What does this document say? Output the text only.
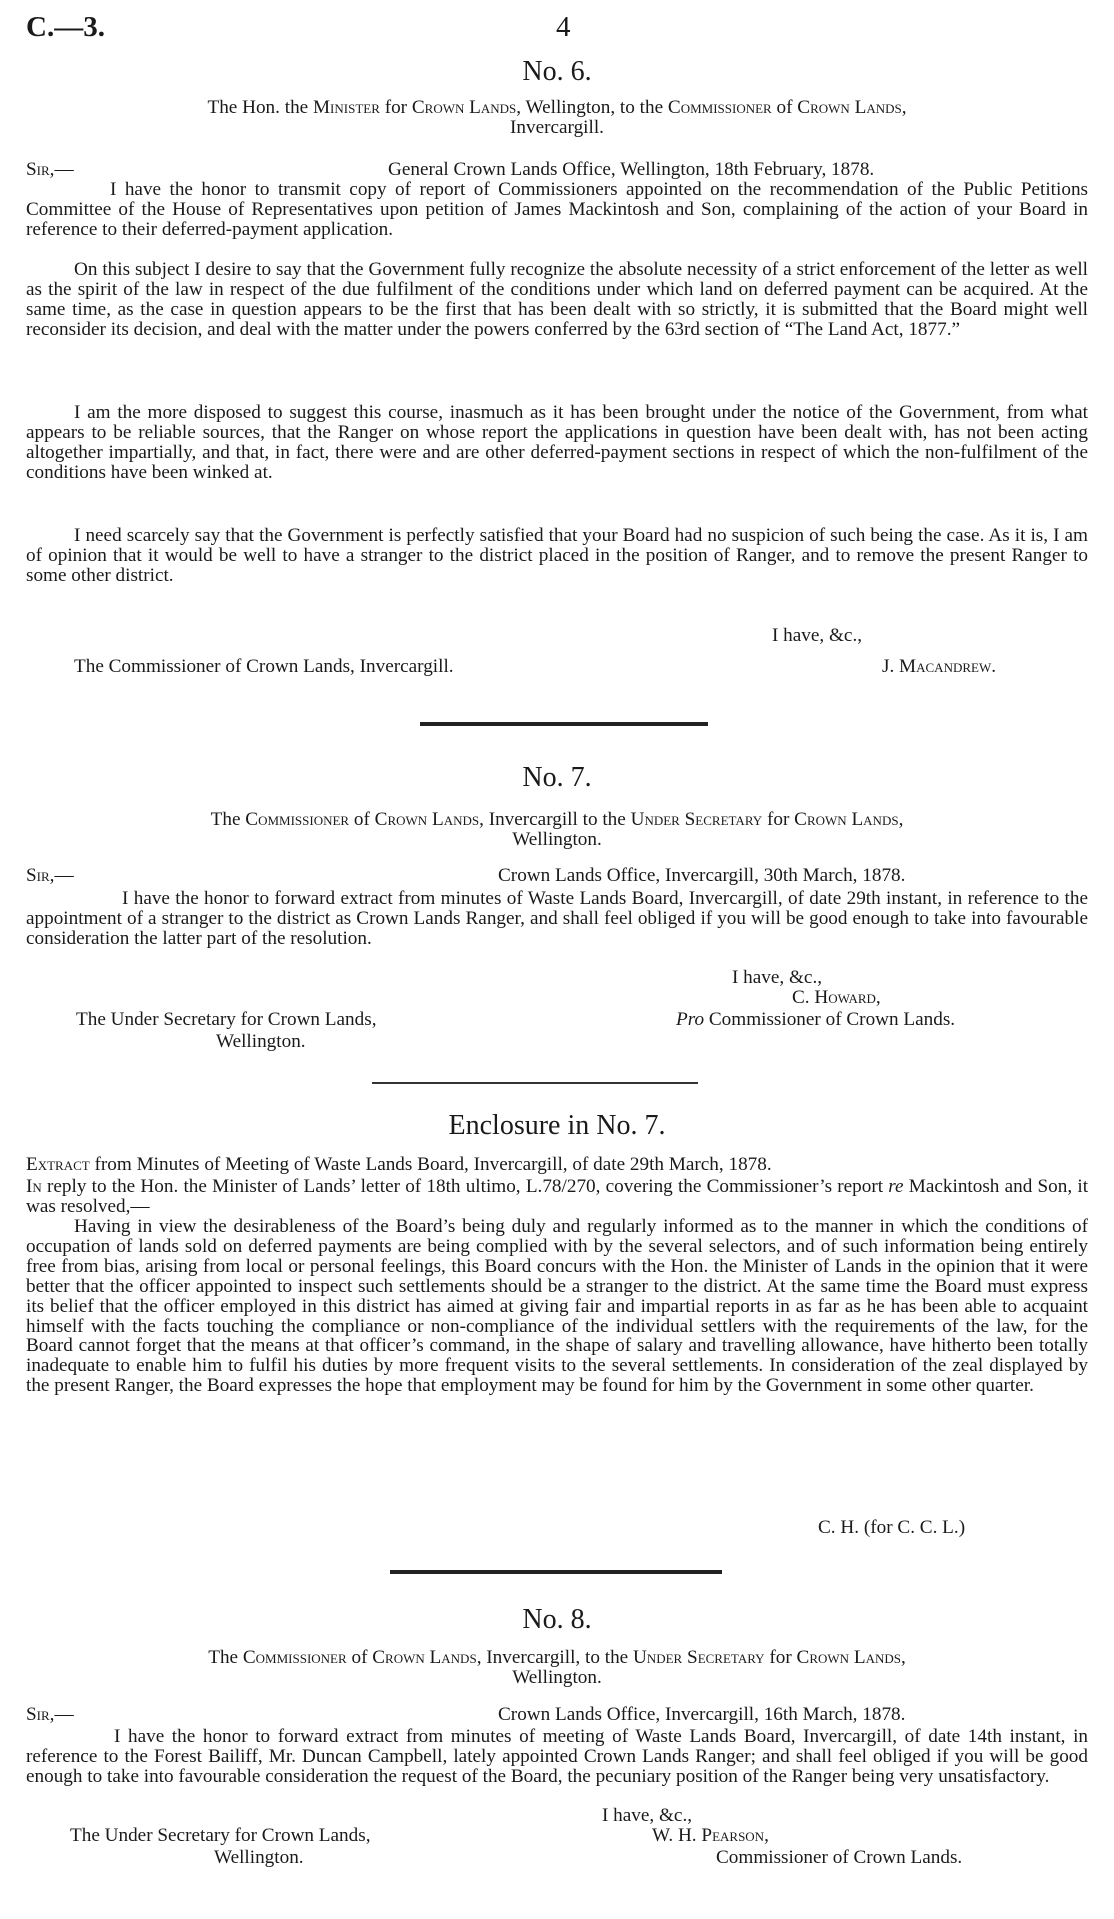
C.—3.	4
No. 6.
The Hon. the Minister for Crown Lands, Wellington, to the Commissioner of Crown Lands,
Invercargill.
Sir,—	General Crown Lands Office, Wellington, 18th February, 1878.
I have the honor to transmit copy of report of Commissioners appointed on the recommendation of the Public Petitions Committee of the House of Representatives upon petition of James Mackintosh and Son, complaining of the action of your Board in reference to their deferred-payment application.
On this subject I desire to say that the Government fully recognize the absolute necessity of a strict enforcement of the letter as well as the spirit of the law in respect of the due fulfilment of the conditions under which land on deferred payment can be acquired. At the same time, as the case in question appears to be the first that has been dealt with so strictly, it is submitted that the Board might well reconsider its decision, and deal with the matter under the powers conferred by the 63rd section of “The Land Act, 1877.”
I am the more disposed to suggest this course, inasmuch as it has been brought under the notice of the Government, from what appears to be reliable sources, that the Ranger on whose report the applications in question have been dealt with, has not been acting altogether impartially, and that, in fact, there were and are other deferred-payment sections in respect of which the non-fulfilment of the conditions have been winked at.
I need scarcely say that the Government is perfectly satisfied that your Board had no suspicion of such being the case. As it is, I am of opinion that it would be well to have a stranger to the district placed in the position of Ranger, and to remove the present Ranger to some other district.
I have, &c.,
The Commissioner of Crown Lands, Invercargill.	J. Macandrew.
No. 7.
The Commissioner of Crown Lands, Invercargill to the Under Secretary for Crown Lands,
Wellington.
Sir,—	Crown Lands Office, Invercargill, 30th March, 1878.
I have the honor to forward extract from minutes of Waste Lands Board, Invercargill, of date 29th instant, in reference to the appointment of a stranger to the district as Crown Lands Ranger, and shall feel obliged if you will be good enough to take into favourable consideration the latter part of the resolution.
I have, &c.,
C. Howard,
Pro Commissioner of Crown Lands.
The Under Secretary for Crown Lands,
Wellington.
Enclosure in No. 7.
Extract from Minutes of Meeting of Waste Lands Board, Invercargill, of date 29th March, 1878.
In reply to the Hon. the Minister of Lands’ letter of 18th ultimo, L.78/270, covering the Commissioner’s report re Mackintosh and Son, it was resolved,—
Having in view the desirableness of the Board’s being duly and regularly informed as to the manner in which the conditions of occupation of lands sold on deferred payments are being complied with by the several selectors, and of such information being entirely free from bias, arising from local or personal feelings, this Board concurs with the Hon. the Minister of Lands in the opinion that it were better that the officer appointed to inspect such settlements should be a stranger to the district. At the same time the Board must express its belief that the officer employed in this district has aimed at giving fair and impartial reports in as far as he has been able to acquaint himself with the facts touching the compliance or non-compliance of the individual settlers with the requirements of the law, for the Board cannot forget that the means at that officer’s command, in the shape of salary and travelling allowance, have hitherto been totally inadequate to enable him to fulfil his duties by more frequent visits to the several settlements. In consideration of the zeal displayed by the present Ranger, the Board expresses the hope that employment may be found for him by the Government in some other quarter.
C. H. (for C. C. L.)
No. 8.
The Commissioner of Crown Lands, Invercargill, to the Under Secretary for Crown Lands,
Wellington.
Sir,—	Crown Lands Office, Invercargill, 16th March, 1878.
I have the honor to forward extract from minutes of meeting of Waste Lands Board, Invercargill, of date 14th instant, in reference to the Forest Bailiff, Mr. Duncan Campbell, lately appointed Crown Lands Ranger; and shall feel obliged if you will be good enough to take into favourable consideration the request of the Board, the pecuniary position of the Ranger being very unsatisfactory.
I have, &c.,
W. H. Pearson,
The Under Secretary for Crown Lands,
Commissioner of Crown Lands.
Wellington.
